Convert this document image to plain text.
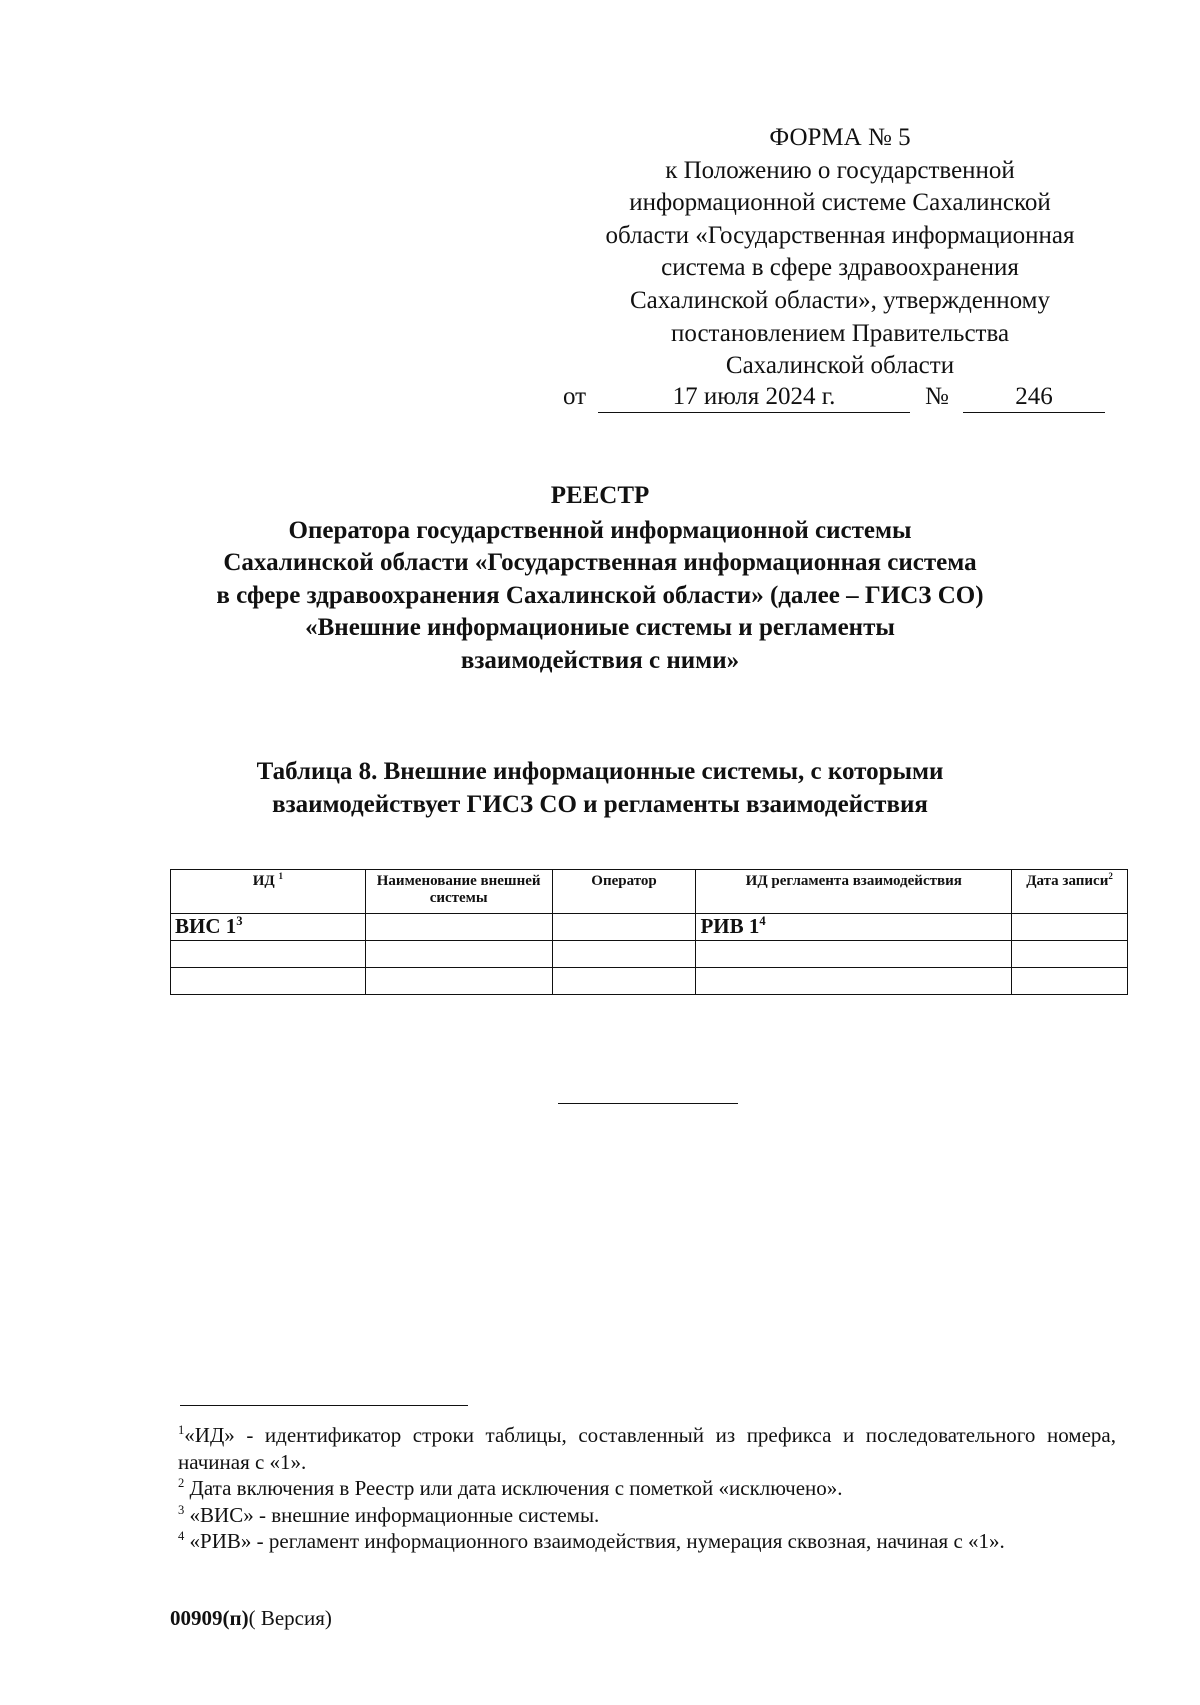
ФОРМА № 5
к Положению о государственной
информационной системе Сахалинской
области «Государственная информационная
система в сфере здравоохранения
Сахалинской области», утвержденному
постановлением Правительства
Сахалинской области
от	17 июля 2024 г.	№	246
РЕЕСТР
Оператора государственной информационной системы
Сахалинской области «Государственная информационная система
в сфере здравоохранения Сахалинской области» (далее – ГИСЗ СО)
«Внешние информациониые системы и регламенты
взаимодействия с ними»
Таблица 8. Внешние информационные системы, с которыми
взаимодействует ГИСЗ СО и регламенты взаимодействия
ИД $^1$	Наименование внешней системы	Оператор	ИД регламента взаимодействия	Дата записи$^2$
ВИС $1^3$			РИВ $1^4$	

$^1$«ИД» - идентификатор строки таблицы, составленный из префикса и последовательного номера, начиная с «1».

$^2$ Дата включения в Реестр или дата исключения с пометкой «исключено».

$^3$ «ВИС» - внешние информационные системы.

$^4$ «РИВ» - регламент информационного взаимодействия, нумерация сквозная, начиная с «1».

00909(п)( Версия)
